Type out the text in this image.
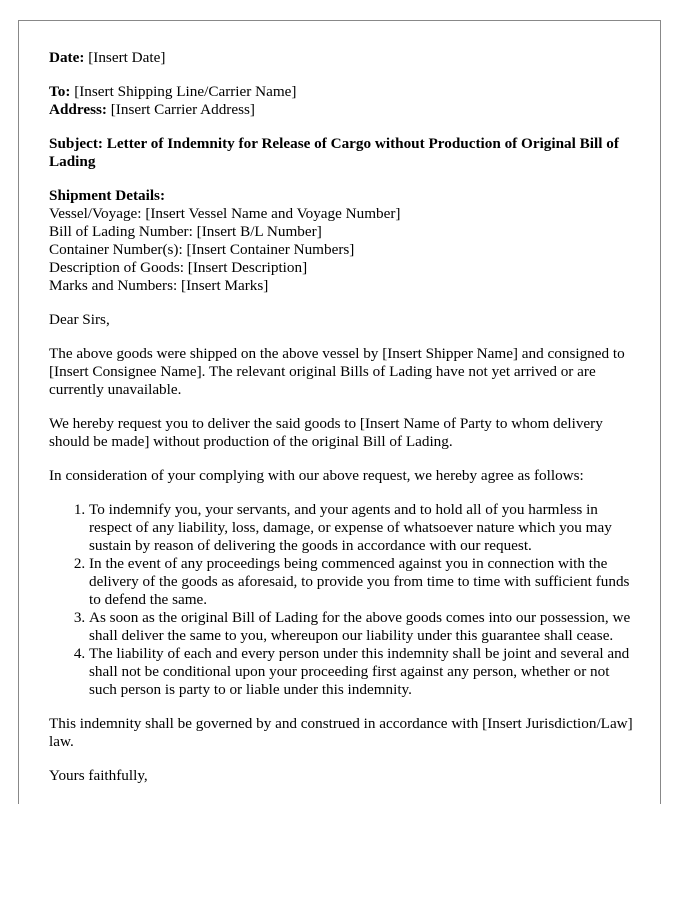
Date: [Insert Date]

To: [Insert Shipping Line/Carrier Name]

Address: [Insert Carrier Address]

Subject: Letter of Indemnity for Release of Cargo without Production of Original Bill of Lading

Shipment Details:
Vessel/Voyage: [Insert Vessel Name and Voyage Number]
Bill of Lading Number: [Insert B/L Number]
Container Number(s): [Insert Container Numbers]
Description of Goods: [Insert Description]
Marks and Numbers: [Insert Marks]

Dear Sirs,

The above goods were shipped on the above vessel by [Insert Shipper Name] and consigned to [Insert Consignee Name]. The relevant original Bills of Lading have not yet arrived or are currently unavailable.

We hereby request you to deliver the said goods to [Insert Name of Party to whom delivery should be made] without production of the original Bill of Lading.

In consideration of your complying with our above request, we hereby agree as follows:

1. To indemnify you, your servants, and your agents and to hold all of you harmless in respect of any liability, loss, damage, or expense of whatsoever nature which you may sustain by reason of delivering the goods in accordance with our request.
2. In the event of any proceedings being commenced against you in connection with the delivery of the goods as aforesaid, to provide you from time to time with sufficient funds to defend the same.
3. As soon as the original Bill of Lading for the above goods comes into our possession, we shall deliver the same to you, whereupon our liability under this guarantee shall cease.
4. The liability of each and every person under this indemnity shall be joint and several and shall not be conditional upon your proceeding first against any person, whether or not such person is party to or liable under this indemnity.

This indemnity shall be governed by and construed in accordance with [Insert Jurisdiction/Law] law.

Yours faithfully,
